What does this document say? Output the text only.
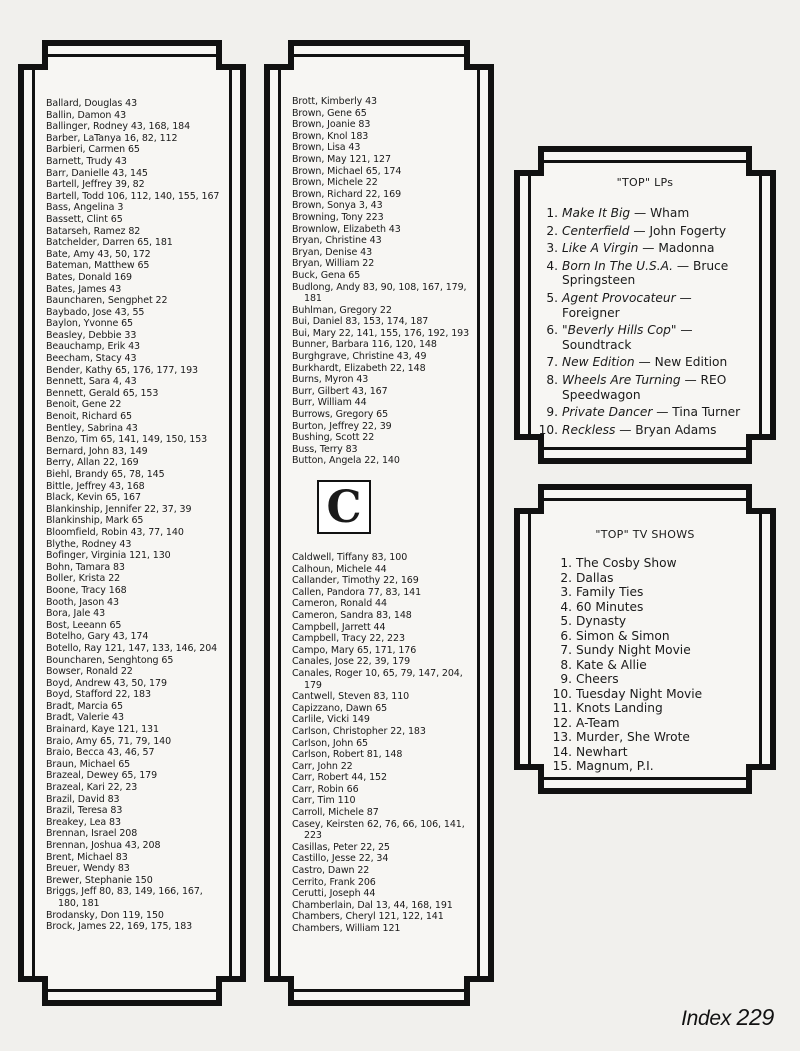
Ballard, Douglas 43
Ballin, Damon 43
Ballinger, Rodney 43, 168, 184
Barber, LaTanya 16, 82, 112
Barbieri, Carmen 65
Barnett, Trudy 43
Barr, Danielle 43, 145
Bartell, Jeffrey 39, 82
Bartell, Todd 106, 112, 140, 155, 167
Bass, Angelina 3
Bassett, Clint 65
Batarseh, Ramez 82
Batchelder, Darren 65, 181
Bate, Amy 43, 50, 172
Bateman, Matthew 65
Bates, Donald 169
Bates, James 43
Bauncharen, Sengphet 22
Baybado, Jose 43, 55
Baylon, Yvonne 65
Beasley, Debbie 33
Beauchamp, Erik 43
Beecham, Stacy 43
Bender, Kathy 65, 176, 177, 193
Bennett, Sara 4, 43
Bennett, Gerald 65, 153
Benoit, Gene 22
Benoit, Richard 65
Bentley, Sabrina 43
Benzo, Tim 65, 141, 149, 150, 153
Bernard, John 83, 149
Berry, Allan 22, 169
Biehl, Brandy 65, 78, 145
Bittle, Jeffrey 43, 168
Black, Kevin 65, 167
Blankinship, Jennifer 22, 37, 39
Blankinship, Mark 65
Bloomfield, Robin 43, 77, 140
Blythe, Rodney 43
Bofinger, Virginia 121, 130
Bohn, Tamara 83
Boller, Krista 22
Boone, Tracy 168
Booth, Jason 43
Bora, Jale 43
Bost, Leeann 65
Botelho, Gary 43, 174
Botello, Ray 121, 147, 133, 146, 204
Bouncharen, Senghtong 65
Bowser, Ronald 22
Boyd, Andrew 43, 50, 179
Boyd, Stafford 22, 183
Bradt, Marcia 65
Bradt, Valerie 43
Brainard, Kaye 121, 131
Braio, Amy 65, 71, 79, 140
Braio, Becca 43, 46, 57
Braun, Michael 65
Brazeal, Dewey 65, 179
Brazeal, Kari 22, 23
Brazil, David 83
Brazil, Teresa 83
Breakey, Lea 83
Brennan, Israel 208
Brennan, Joshua 43, 208
Brent, Michael 83
Breuer, Wendy 83
Brewer, Stephanie 150
Briggs, Jeff 80, 83, 149, 166, 167, 180, 181
Brodansky, Don 119, 150
Brock, James 22, 169, 175, 183
Brott, Kimberly 43
Brown, Gene 65
Brown, Joanie 83
Brown, Knol 183
Brown, Lisa 43
Brown, May 121, 127
Brown, Michael 65, 174
Brown, Michele 22
Brown, Richard 22, 169
Brown, Sonya 3, 43
Browning, Tony 223
Brownlow, Elizabeth 43
Bryan, Christine 43
Bryan, Denise 43
Bryan, William 22
Buck, Gena 65
Budlong, Andy 83, 90, 108, 167, 179, 181
Buhlman, Gregory 22
Bui, Daniel 83, 153, 174, 187
Bui, Mary 22, 141, 155, 176, 192, 193
Bunner, Barbara 116, 120, 148
Burghgrave, Christine 43, 49
Burkhardt, Elizabeth 22, 148
Burns, Myron 43
Burr, Gilbert 43, 167
Burr, William 44
Burrows, Gregory 65
Burton, Jeffrey 22, 39
Bushing, Scott 22
Buss, Terry 83
Button, Angela 22, 140
C
Caldwell, Tiffany 83, 100
Calhoun, Michele 44
Callander, Timothy 22, 169
Callen, Pandora 77, 83, 141
Cameron, Ronald 44
Cameron, Sandra 83, 148
Campbell, Jarrett 44
Campbell, Tracy 22, 223
Campo, Mary 65, 171, 176
Canales, Jose 22, 39, 179
Canales, Roger 10, 65, 79, 147, 204, 179
Cantwell, Steven 83, 110
Capizzano, Dawn 65
Carlile, Vicki 149
Carlson, Christopher 22, 183
Carlson, John 65
Carlson, Robert 81, 148
Carr, John 22
Carr, Robert 44, 152
Carr, Robin 66
Carr, Tim 110
Carroll, Michele 87
Casey, Keirsten 62, 76, 66, 106, 141, 223
Casillas, Peter 22, 25
Castillo, Jesse 22, 34
Castro, Dawn 22
Cerrito, Frank 206
Cerutti, Joseph 44
Chamberlain, Dal 13, 44, 168, 191
Chambers, Cheryl 121, 122, 141
Chambers, William 121
"TOP" LPs
1. Make It Big — Wham
2. Centerfield — John Fogerty
3. Like A Virgin — Madonna
4. Born In The U.S.A. — Bruce Springsteen
5. Agent Provocateur — Foreigner
6. "Beverly Hills Cop" — Soundtrack
7. New Edition — New Edition
8. Wheels Are Turning — REO Speedwagon
9. Private Dancer — Tina Turner
10. Reckless — Bryan Adams
"TOP" TV SHOWS
1. The Cosby Show
2. Dallas
3. Family Ties
4. 60 Minutes
5. Dynasty
6. Simon & Simon
7. Sundy Night Movie
8. Kate & Allie
9. Cheers
10. Tuesday Night Movie
11. Knots Landing
12. A-Team
13. Murder, She Wrote
14. Newhart
15. Magnum, P.I.
Index 229
